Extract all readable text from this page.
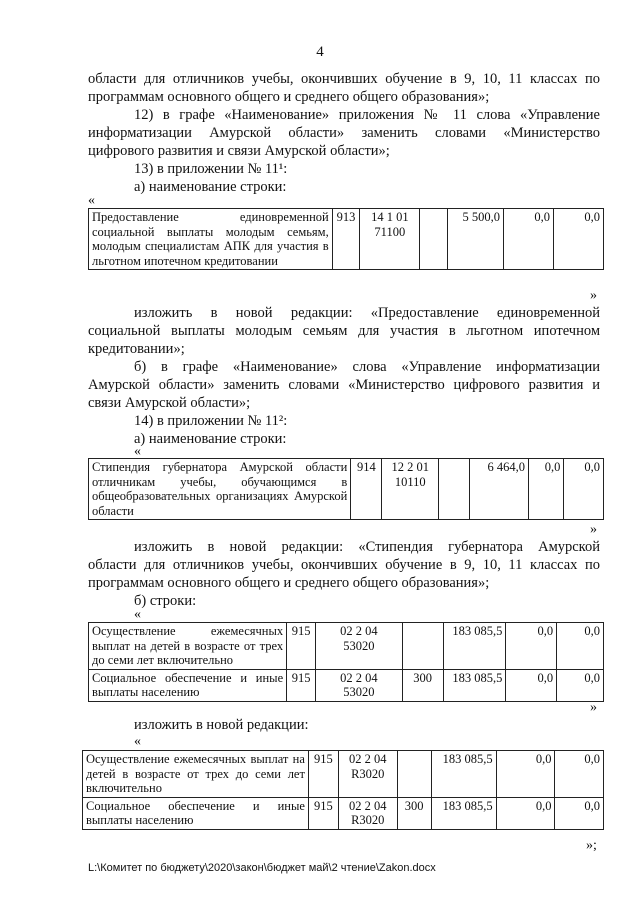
4
области для отличников учебы, окончивших обучение в 9, 10, 11 классах по
программам основного общего и среднего общего образования»;
12) в графе «Наименование» приложения № 11 слова «Управление
информатизации Амурской области» заменить словами «Министерство
цифрового развития и связи Амурской области»;
13) в приложении № 11¹:
а) наименование строки:
«
Предоставление единовременной социальной выплаты молодым семьям, молодым специалистам АПК для участия в льготном ипотечном кредитовании	913	14 1 01
71100		5 500,0	0,0	0,0
»
изложить в новой редакции: «Предоставление единовременной
социальной выплаты молодым семьям для участия в льготном ипотечном
кредитовании»;
б) в графе «Наименование» слова «Управление информатизации
Амурской области» заменить словами «Министерство цифрового развития и
связи Амурской области»;
14) в приложении № 11²:
а) наименование строки:
«
Стипендия губернатора Амурской области отличникам учебы, обучающимся в общеобразовательных организациях Амурской области	914	12 2 01
10110		6 464,0	0,0	0,0
»
изложить в новой редакции: «Стипендия губернатора Амурской
области для отличников учебы, окончивших обучение в 9, 10, 11 классах по
программам основного общего и среднего общего образования»;
б) строки:
«
Осуществление ежемесячных выплат на детей в возрасте от трех до семи лет включительно	915	02 2 04
53020		183 085,5	0,0	0,0
Социальное обеспечение и иные выплаты населению	915	02 2 04
53020	300	183 085,5	0,0	0,0
»
изложить в новой редакции:
«
Осуществление ежемесячных выплат на детей в возрасте от трех до семи лет включительно	915	02 2 04
R3020		183 085,5	0,0	0,0
Социальное обеспечение и иные выплаты населению	915	02 2 04
R3020	300	183 085,5	0,0	0,0
»;
L:\Комитет по бюджету\2020\закон\бюджет май\2 чтение\Zakon.docx
